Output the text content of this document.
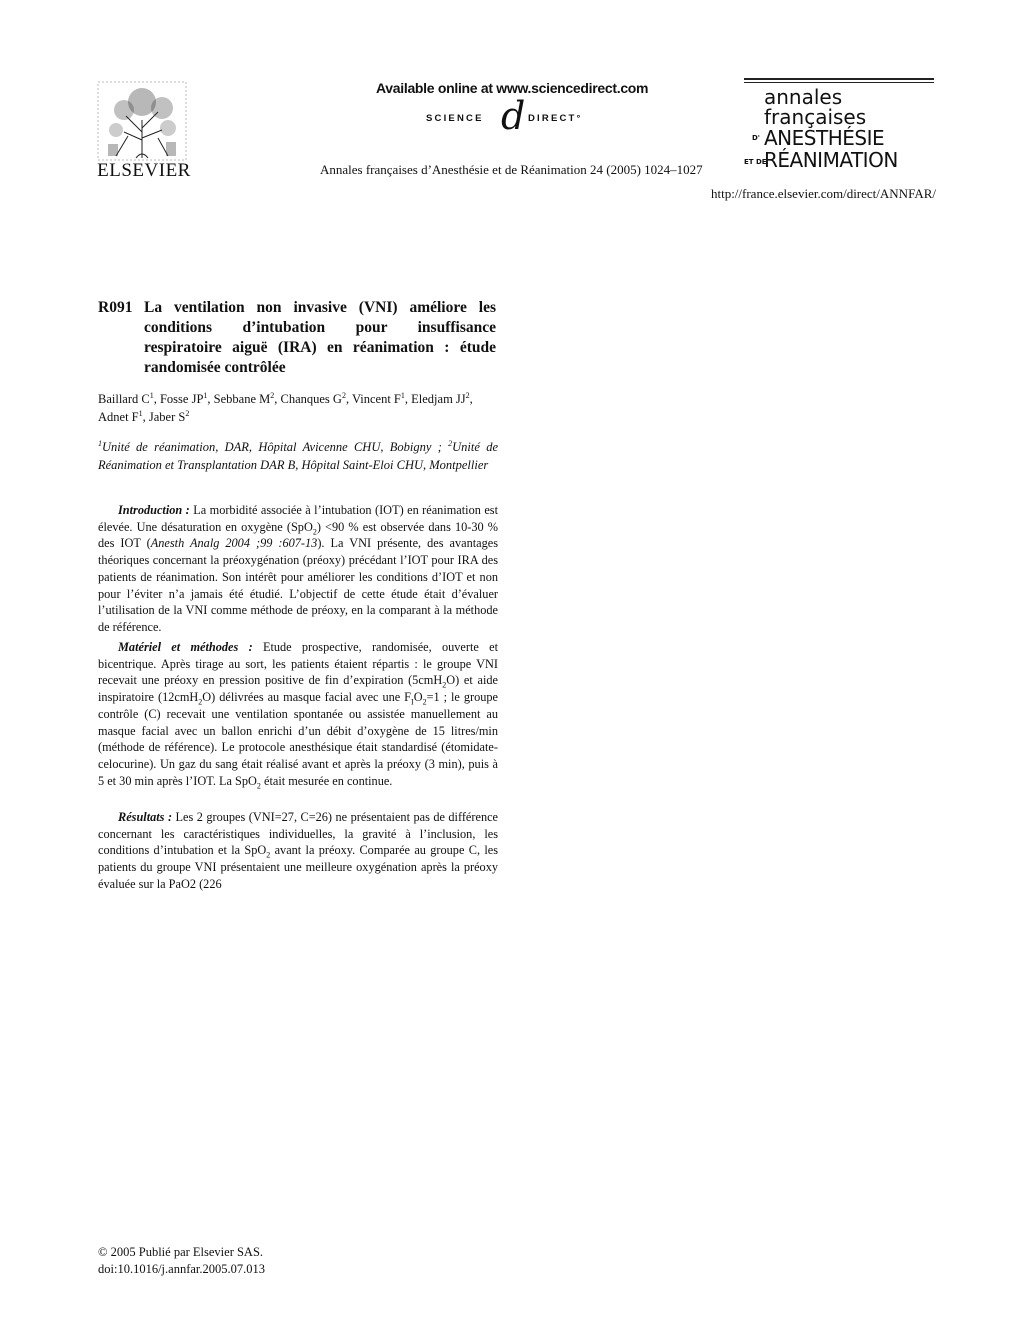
ELSEVIER
Available online at www.sciencedirect.com
SCIENCE d DIRECT°
Annales françaises d’Anesthésie et de Réanimation 24 (2005) 1024–1027
annales
françaises
D' ANESTHÉSIE
ET DE
RÉANIMATION
http://france.elsevier.com/direct/ANNFAR/
R091 La ventilation non invasive (VNI) améliore les conditions d’intubation pour insuffisance respiratoire aiguë (IRA) en réanimation : étude randomisée contrôlée
Baillard $C^1$, Fosse $JP^1$, Sebbane $M^2$, Chanques $G^2$, Vincent $F^1$, Eledjam $JJ^2$, Adnet $F^1$, Jaber $S^2$
$^1$Unité de réanimation, DAR, Hôpital Avicenne CHU, Bobigny ; $^2$Unité de Réanimation et Transplantation DAR B, Hôpital Saint-Eloi CHU, Montpellier

Introduction : La morbidité associée à l’intubation (IOT) en réanimation est élevée. Une désaturation en oxygène (SpO$_2$) <90 % est observée dans 10-30 % des IOT (Anesth Analg 2004 ;99 :607-13). La VNI présente, des avantages théoriques concernant la préoxygénation (préoxy) précédant l’IOT pour IRA des patients de réanimation. Son intérêt pour améliorer les conditions d’IOT et non pour l’éviter n’a jamais été étudié. L’objectif de cette étude était d’évaluer l’utilisation de la VNI comme méthode de préoxy, en la comparant à la méthode de référence.

Matériel et méthodes : Etude prospective, randomisée, ouverte et bicentrique. Après tirage au sort, les patients étaient répartis : le groupe VNI recevait une préoxy en pression positive de fin d’expiration (5cmH$_2$O) et aide inspiratoire (12cmH$_2$O) délivrées au masque facial avec une $F_IO_2=1$ ; le groupe contrôle (C) recevait une ventilation spontanée ou assistée manuellement au masque facial avec un ballon enrichi d’un débit d’oxygène de 15 litres/min (méthode de référence). Le protocole anesthésique était standardisé (étomidate-celocurine). Un gaz du sang était réalisé avant et après la préoxy (3 min), puis à 5 et 30 min après l’IOT. La SpO$_2$ était mesurée en continue.

Résultats : Les 2 groupes (VNI=27, C=26) ne présentaient pas de différence concernant les caractéristiques individuelles, la gravité à l’inclusion, les conditions d’intubation et la SpO$_2$ avant la préoxy. Comparée au groupe C, les patients du groupe VNI présentaient une meilleure oxygénation après la préoxy évaluée sur la PaO2 (226

© 2005 Publié par Elsevier SAS.
doi:10.1016/j.annfar.2005.07.013
